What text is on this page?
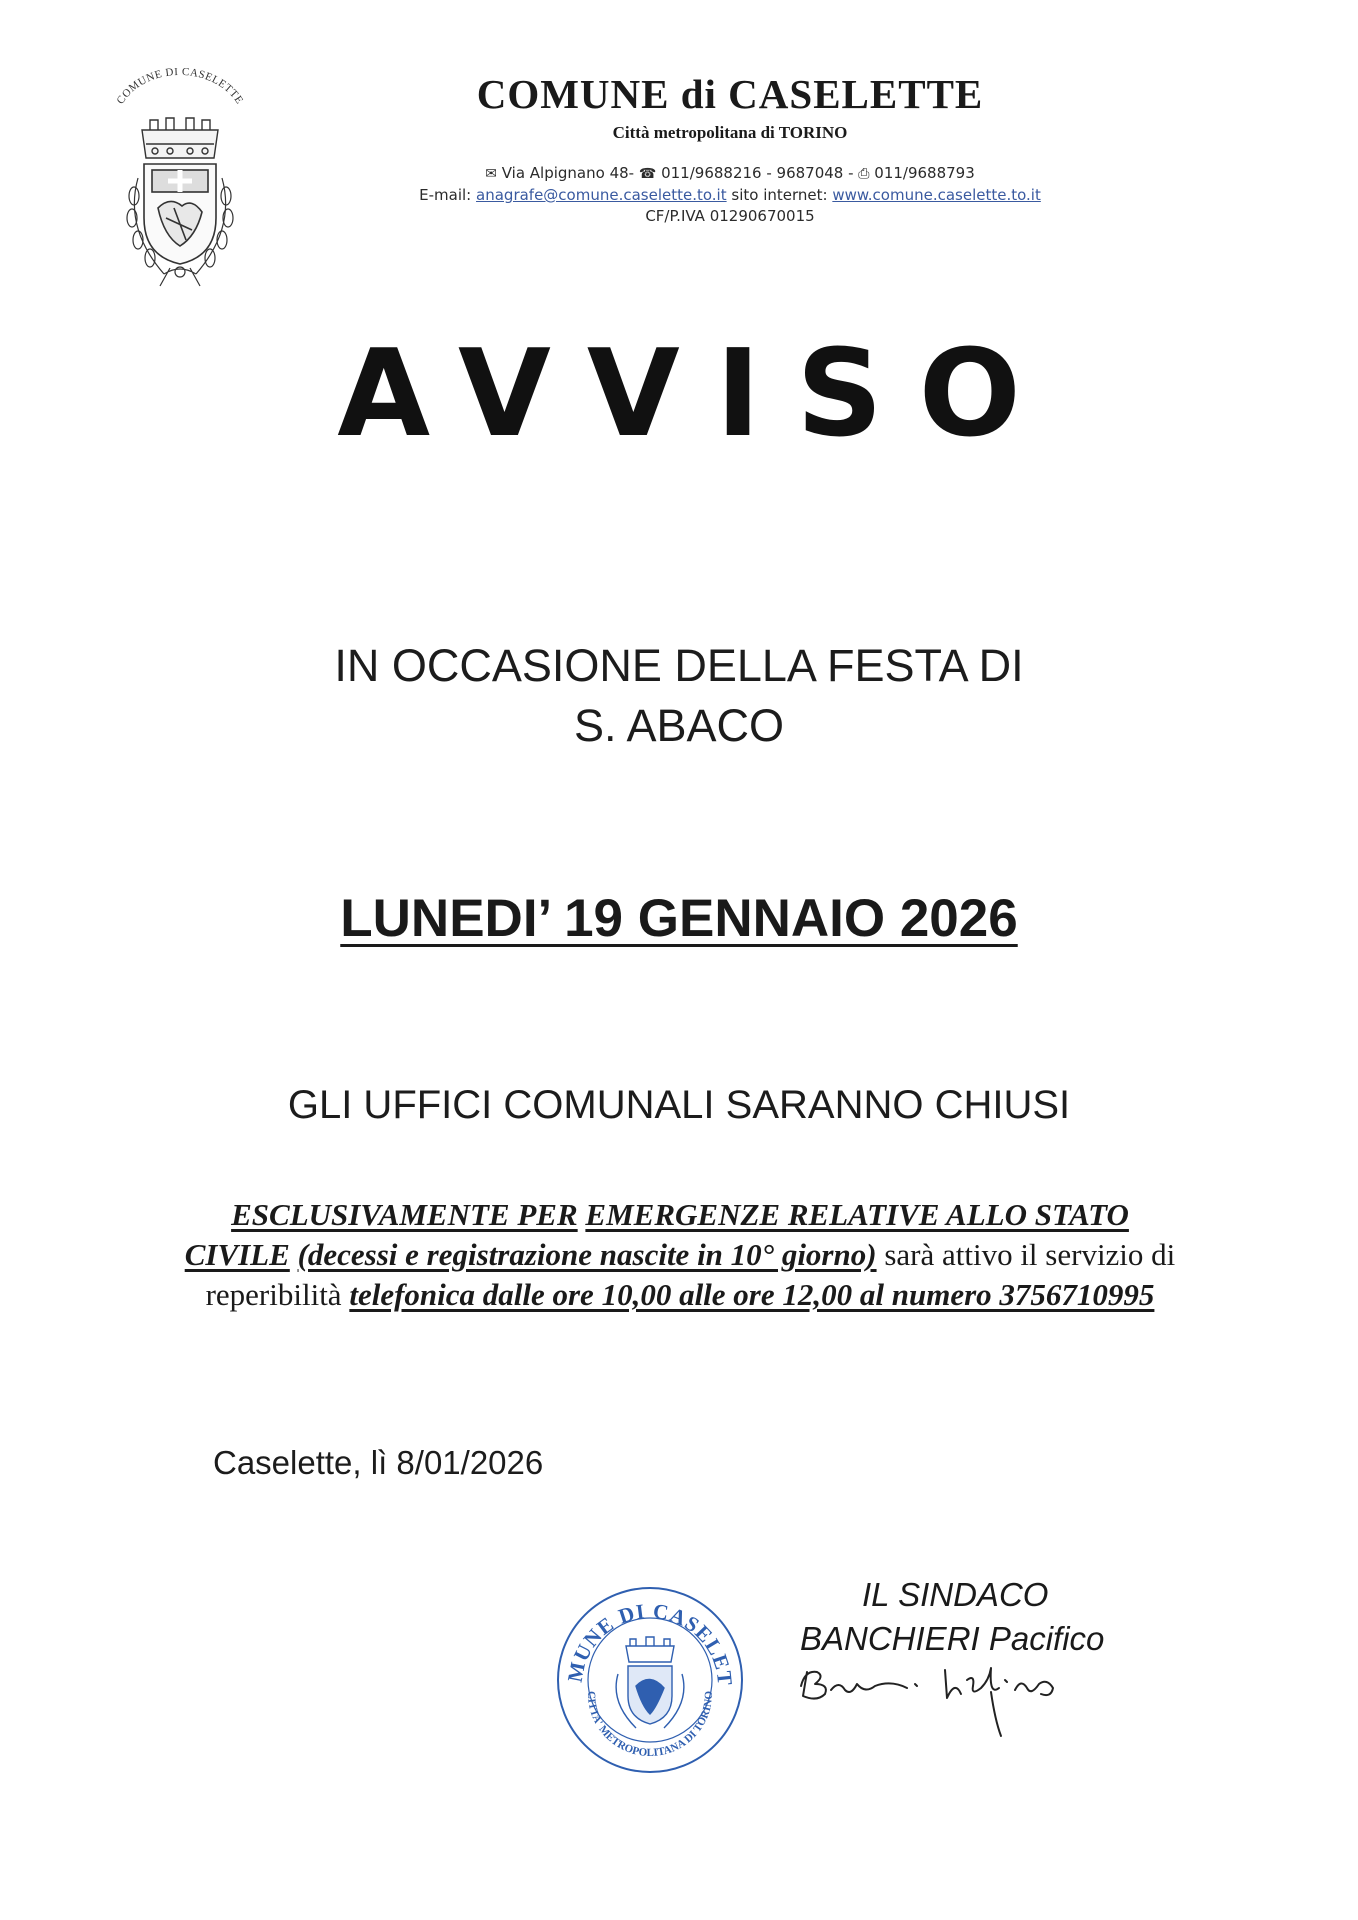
COMUNE DI CASELETTE	COMUNE di CASELETTE
Città metropolitana di TORINO
✉ Via Alpignano 48- ☎ 011/9688216 - 9687048 - ⎙ 011/9688793
E-mail: anagrafe@comune.caselette.to.it sito internet: www.comune.caselette.to.it
CF/P.IVA 01290670015
AVVISO
IN OCCASIONE DELLA FESTA DI
S. ABACO
LUNEDI’ 19 GENNAIO 2026
GLI UFFICI COMUNALI SARANNO CHIUSI
ESCLUSIVAMENTE PER EMERGENZE RELATIVE ALLO STATO CIVILE (decessi e registrazione nascite in 10° giorno) sarà attivo il servizio di reperibilità telefonica dalle ore 10,00 alle ore 12,00 al numero 3756710995
Caselette, lì 8/01/2026
MUNE DI CASELET
CITTA' METROPOLITANA DI TORINO
IL SINDACO
BANCHIERI Pacifico
